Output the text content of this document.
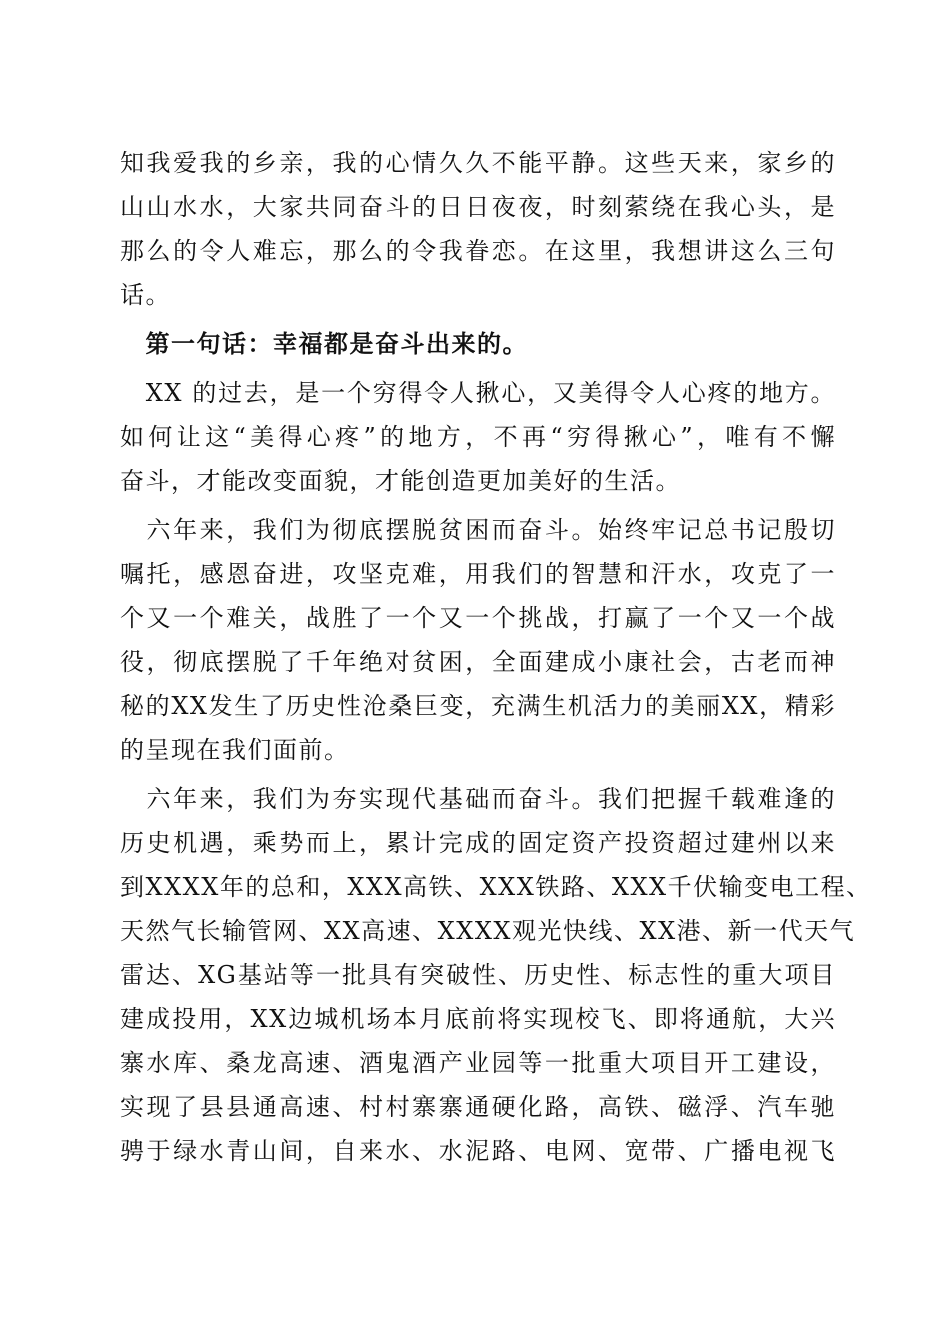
知我爱我的乡亲，我的心情久久不能平静。这些天来，家乡的
山山水水，大家共同奋斗的日日夜夜，时刻萦绕在我心头，是
那么的令人难忘，那么的令我眷恋。在这里，我想讲这么三句
话。
　第一句话：幸福都是奋斗出来的。
　XX 的过去，是一个穷得令人揪心，又美得令人心疼的地方。
如何让这“美得心疼”的地方，不再“穷得揪心”，唯有不懈
奋斗，才能改变面貌，才能创造更加美好的生活。
　六年来，我们为彻底摆脱贫困而奋斗。始终牢记总书记殷切
嘱托，感恩奋进，攻坚克难，用我们的智慧和汗水，攻克了一
个又一个难关，战胜了一个又一个挑战，打赢了一个又一个战
役，彻底摆脱了千年绝对贫困，全面建成小康社会，古老而神
秘的XX发生了历史性沧桑巨变，充满生机活力的美丽XX，精彩
的呈现在我们面前。
　六年来，我们为夯实现代基础而奋斗。我们把握千载难逢的
历史机遇，乘势而上，累计完成的固定资产投资超过建州以来
到XXXX年的总和，XXX高铁、XXX铁路、XXX千伏输变电工程、
天然气长输管网、XX高速、XXXX观光快线、XX港、新一代天气
雷达、XG基站等一批具有突破性、历史性、标志性的重大项目
建成投用，XX边城机场本月底前将实现校飞、即将通航，大兴
寨水库、桑龙高速、酒鬼酒产业园等一批重大项目开工建设，
实现了县县通高速、村村寨寨通硬化路，高铁、磁浮、汽车驰
骋于绿水青山间，自来水、水泥路、电网、宽带、广播电视飞
